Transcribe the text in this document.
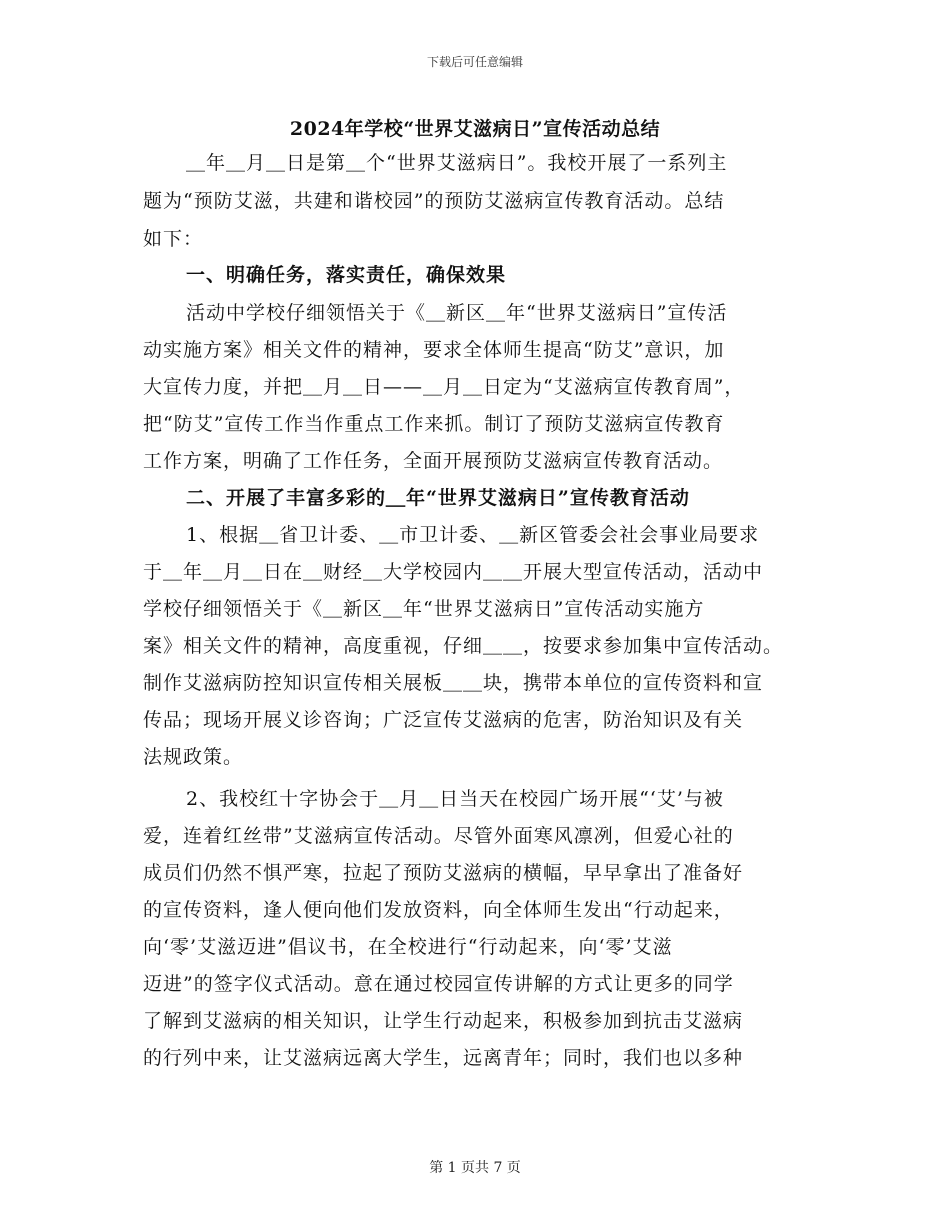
下载后可任意编辑
2024年学校“世界艾滋病日”宣传活动总结
＿年＿月＿日是第＿个“世界艾滋病日”。我校开展了一系列主
题为“预防艾滋，共建和谐校园”的预防艾滋病宣传教育活动。总结
如下：
一、明确任务，落实责任，确保效果
活动中学校仔细领悟关于《＿新区＿年“世界艾滋病日”宣传活
动实施方案》相关文件的精神，要求全体师生提高“防艾”意识，加
大宣传力度，并把＿月＿日——＿月＿日定为“艾滋病宣传教育周”，
把“防艾”宣传工作当作重点工作来抓。制订了预防艾滋病宣传教育
工作方案，明确了工作任务，全面开展预防艾滋病宣传教育活动。
二、开展了丰富多彩的＿年“世界艾滋病日”宣传教育活动
1、根据＿省卫计委、＿市卫计委、＿新区管委会社会事业局要求
于＿年＿月＿日在＿财经＿大学校园内＿＿开展大型宣传活动，活动中
学校仔细领悟关于《＿新区＿年“世界艾滋病日”宣传活动实施方
案》相关文件的精神，高度重视，仔细＿＿，按要求参加集中宣传活动。
制作艾滋病防控知识宣传相关展板＿＿块，携带本单位的宣传资料和宣
传品；现场开展义诊咨询；广泛宣传艾滋病的危害，防治知识及有关
法规政策。
2、我校红十字协会于＿月＿日当天在校园广场开展“‘艾’与被
爱，连着红丝带”艾滋病宣传活动。尽管外面寒风凛冽，但爱心社的
成员们仍然不惧严寒，拉起了预防艾滋病的横幅，早早拿出了准备好
的宣传资料，逢人便向他们发放资料，向全体师生发出“行动起来，
向‘零’艾滋迈进”倡议书，在全校进行“行动起来，向‘零’艾滋
迈进”的签字仪式活动。意在通过校园宣传讲解的方式让更多的同学
了解到艾滋病的相关知识，让学生行动起来，积极参加到抗击艾滋病
的行列中来，让艾滋病远离大学生，远离青年；同时，我们也以多种
第 1 页共 7 页
